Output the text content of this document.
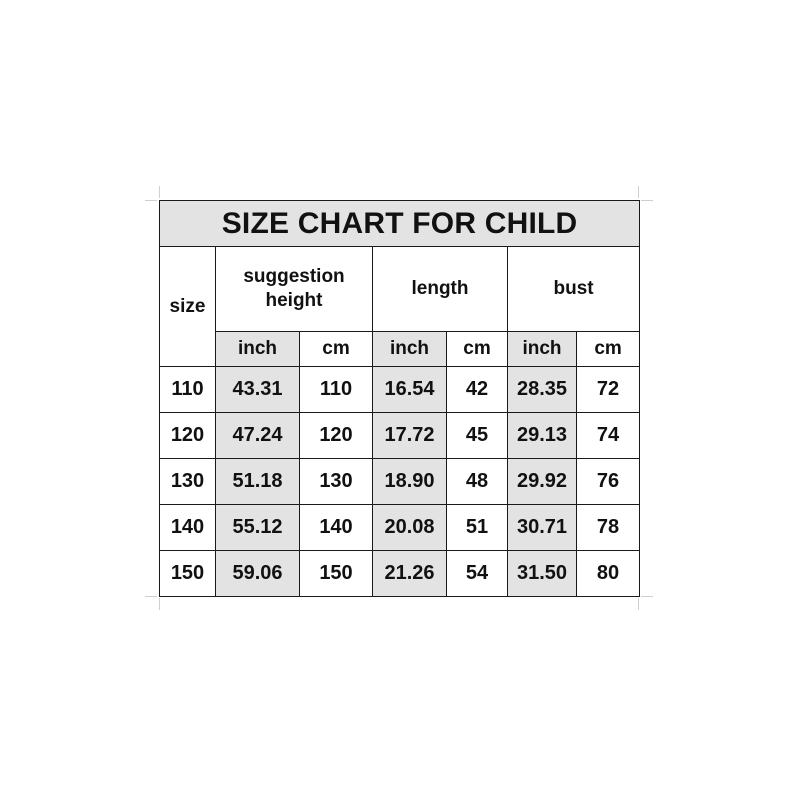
SIZE CHART FOR CHILD						
size	suggestion height		length		bust	
	inch	cm	inch	cm	inch	cm
110	43.31	110	16.54	42	28.35	72
120	47.24	120	17.72	45	29.13	74
130	51.18	130	18.90	48	29.92	76
140	55.12	140	20.08	51	30.71	78
150	59.06	150	21.26	54	31.50	80
